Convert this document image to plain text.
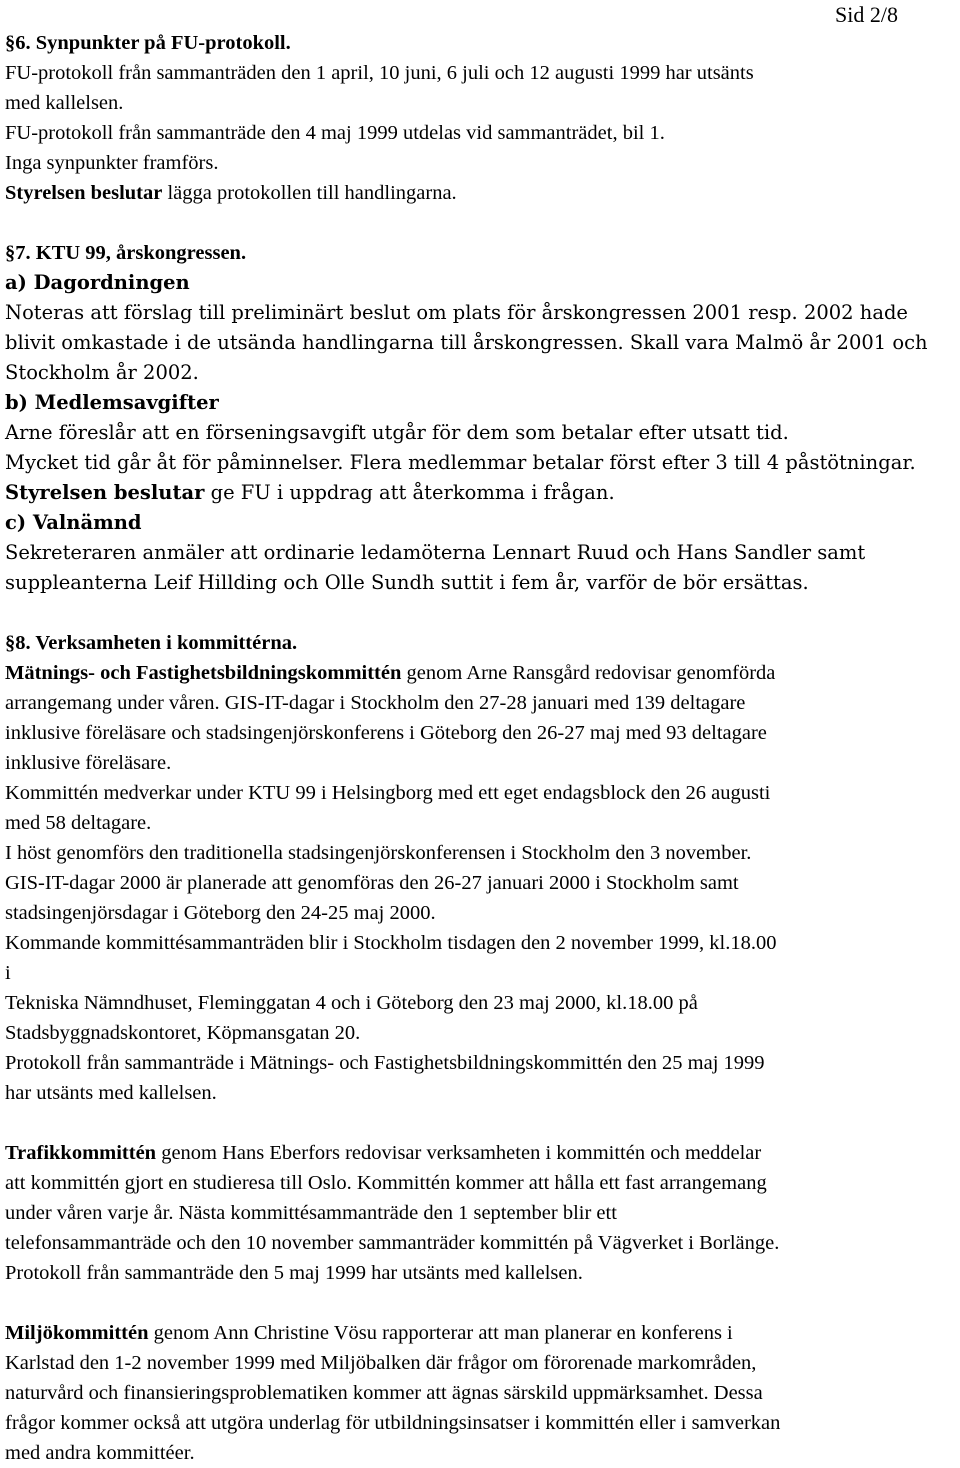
Sid 2/8
§6. Synpunkter på FU-protokoll.
FU-protokoll från sammanträden den 1 april, 10 juni, 6 juli och 12 augusti 1999 har utsänts
med kallelsen.
FU-protokoll från sammanträde den 4 maj 1999 utdelas vid sammanträdet, bil 1.
Inga synpunkter framförs.
Styrelsen beslutar lägga protokollen till handlingarna.
§7. KTU 99, årskongressen.
a) Dagordningen
Noteras att förslag till preliminärt beslut om plats för årskongressen 2001 resp. 2002 hade
blivit omkastade i de utsända handlingarna till årskongressen. Skall vara Malmö år 2001 och
Stockholm år 2002.
b) Medlemsavgifter
Arne föreslår att en förseningsavgift utgår för dem som betalar efter utsatt tid.
Mycket tid går åt för påminnelser. Flera medlemmar betalar först efter 3 till 4 påstötningar.
Styrelsen beslutar ge FU i uppdrag att återkomma i frågan.
c) Valnämnd
Sekreteraren anmäler att ordinarie ledamöterna Lennart Ruud och Hans Sandler samt
suppleanterna Leif Hillding och Olle Sundh suttit i fem år, varför de bör ersättas.
§8. Verksamheten i kommittérna.
Mätnings- och Fastighetsbildningskommittén genom Arne Ransgård redovisar genomförda
arrangemang under våren. GIS-IT-dagar i Stockholm den 27-28 januari med 139 deltagare
inklusive föreläsare och stadsingenjörskonferens i Göteborg den 26-27 maj med 93 deltagare
inklusive föreläsare.
Kommittén medverkar under KTU 99 i Helsingborg med ett eget endagsblock den 26 augusti
med 58 deltagare.
I höst genomförs den traditionella stadsingenjörskonferensen i Stockholm den 3 november.
GIS-IT-dagar 2000 är planerade att genomföras den 26-27 januari 2000 i Stockholm samt
stadsingenjörsdagar i Göteborg den 24-25 maj 2000.
Kommande kommittésammanträden blir i Stockholm tisdagen den 2 november 1999, kl.18.00
i
Tekniska Nämndhuset, Fleminggatan 4 och i Göteborg den 23 maj 2000, kl.18.00 på
Stadsbyggnadskontoret, Köpmansgatan 20.
Protokoll från sammanträde i Mätnings- och Fastighetsbildningskommittén den 25 maj 1999
har utsänts med kallelsen.
Trafikkommittén genom Hans Eberfors redovisar verksamheten i kommittén och meddelar
att kommittén gjort en studieresa till Oslo. Kommittén kommer att hålla ett fast arrangemang
under våren varje år. Nästa kommittésammanträde den 1 september blir ett
telefonsammanträde och den 10 november sammanträder kommittén på Vägverket i Borlänge.
Protokoll från sammanträde den 5 maj 1999 har utsänts med kallelsen.
Miljökommittén genom Ann Christine Vösu rapporterar att man planerar en konferens i
Karlstad den 1-2 november 1999 med Miljöbalken där frågor om förorenade markområden,
naturvård och finansieringsproblematiken kommer att ägnas särskild uppmärksamhet. Dessa
frågor kommer också att utgöra underlag för utbildningsinsatser i kommittén eller i samverkan
med andra kommittéer.
